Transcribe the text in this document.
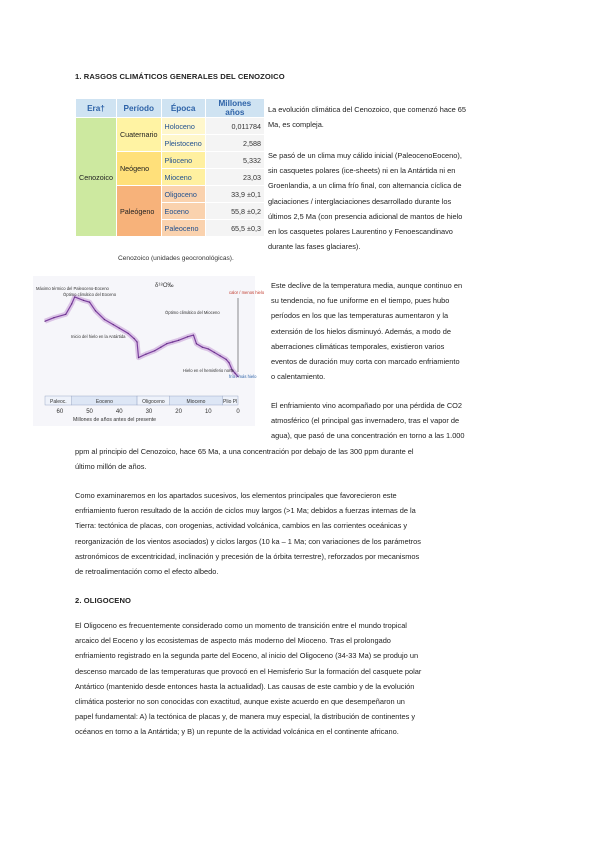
1. RASGOS CLIMÁTICOS GENERALES DEL CENOZOICO
Era†	Período	Época	Millones años
Cenozoico	Cuaternario	Holoceno	0,011784
		Pleistoceno	2,588
	Neógeno	Plioceno	5,332
		Mioceno	23,03
	Paleógeno	Oligoceno	33,9 ±0,1
		Eoceno	55,8 ±0,2
		Paleoceno	65,5 ±0,3
Cenozoico (unidades geocronológicas).
La evolución climática del Cenozoico, que comenzó hace 65
Ma, es compleja.
Se pasó de un clima muy cálido inicial (PaleocenoEoceno),
sin casquetes polares (ice-sheets) ni en la Antártida ni en
Groenlandia, a un clima frío final, con alternancia cíclica de
glaciaciones / interglaciaciones desarrollado durante los
últimos 2,5 Ma (con presencia adicional de mantos de hielo
en los casquetes polares Laurentino y Fenoescandinavo
durante las fases glaciares).
Este declive de la temperatura media, aunque continuo en
su tendencia, no fue uniforme en el tiempo, pues hubo
períodos en los que las temperaturas aumentaron y la
extensión de los hielos disminuyó. Además, a modo de
aberraciones climáticas temporales, existieron varios
eventos de duración muy corta con marcado enfriamiento
o calentamiento.
El enfriamiento vino acompañado por una pérdida de CO2
atmosférico (el principal gas invernadero, tras el vapor de
agua), que pasó de una concentración en torno a las 1.000
ppm al principio del Cenozoico, hace 65 Ma, a una concentración por debajo de las 300 ppm durante el
último millón de años.
Como examinaremos en los apartados sucesivos, los elementos principales que favorecieron este
enfriamiento fueron resultado de la acción de ciclos muy largos (>1 Ma; debidos a fuerzas internas de la
Tierra: tectónica de placas, con orogenias, actividad volcánica, cambios en las corrientes oceánicas y
reorganización de los vientos asociados) y ciclos largos (10 ka – 1 Ma; con variaciones de los parámetros
astronómicos de excentricidad, inclinación y precesión de la órbita terrestre), reforzados por mecanismos
de retroalimentación como el efecto albedo.
2. OLIGOCENO
El Oligoceno es frecuentemente considerado como un momento de transición entre el mundo tropical
arcaico del Eoceno y los ecosistemas de aspecto más moderno del Mioceno. Tras el prolongado
enfriamiento registrado en la segunda parte del Eoceno, al inicio del Oligoceno (34-33 Ma) se produjo un
descenso marcado de las temperaturas que provocó en el Hemisferio Sur la formación del casquete polar
Antártico (mantenido desde entonces hasta la actualidad). Las causas de este cambio y de la evolución
climática posterior no son conocidas con exactitud, aunque existe acuerdo en que desempeñaron un
papel fundamental: A) la tectónica de placas y, de manera muy especial, la distribución de continentes y
océanos en torno a la Antártida; y B) un repunte de la actividad volcánica en el continente africano.
Paleoc.	Eoceno	Oligoceno	Mioceno	Plio Pl
60	50	40	30	20	10	0
δ¹⁸O‰
Millones de años antes del presente
Máximo térmico del Paleoceno-Eoceno
Óptimo climático del Eoceno
Inicio del hielo en la Antártida
Óptimo climático del Mioceno
Hielo en el hemisferio norte
calor / menos hielo
frío / más hielo
